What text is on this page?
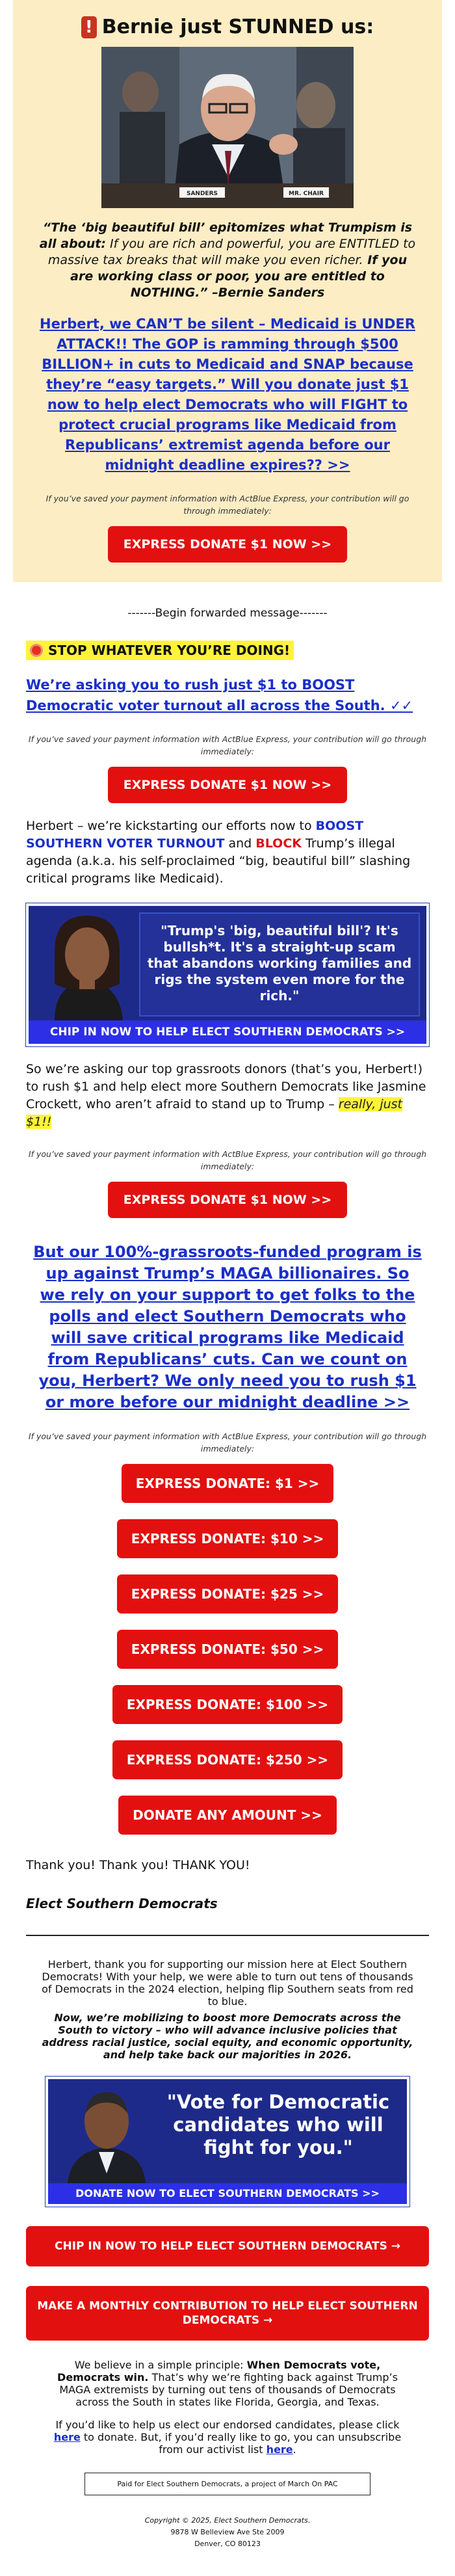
! Bernie just STUNNED us:
SANDERS	MR. CHAIR

“The ‘big beautiful bill’ epitomizes what Trumpism is all about: If you are rich and powerful, you are ENTITLED to massive tax breaks that will make you even richer. If you are working class or poor, you are entitled to NOTHING.” –Bernie Sanders

Herbert, we CAN’T be silent – Medicaid is UNDER ATTACK!! The GOP is ramming through $500 BILLION+ in cuts to Medicaid and SNAP because they’re “easy targets.” Will you donate just $1 now to help elect Democrats who will FIGHT to protect crucial programs like Medicaid from Republicans’ extremist agenda before our midnight deadline expires?? >>

If you’ve saved your payment information with ActBlue Express, your contribution will go through immediately:

EXPRESS DONATE $1 NOW >>

-------Begin forwarded message-------

STOP WHATEVER YOU’RE DOING!
We’re asking you to rush just $1 to BOOST Democratic voter turnout all across the South. ✓✓

If you’ve saved your payment information with ActBlue Express, your contribution will go through immediately:

EXPRESS DONATE $1 NOW >>

Herbert – we’re kickstarting our efforts now to BOOST SOUTHERN VOTER TURNOUT and BLOCK Trump’s illegal agenda (a.k.a. his self-proclaimed “big, beautiful bill” slashing critical programs like Medicaid).

"Trump's 'big, beautiful bill'? It's bullsh*t. It's a straight-up scam that abandons working families and rigs the system even more for the rich."
CHIP IN NOW TO HELP ELECT SOUTHERN DEMOCRATS >>

So we’re asking our top grassroots donors (that’s you, Herbert!) to rush $1 and help elect more Southern Democrats like Jasmine Crockett, who aren’t afraid to stand up to Trump – really, just $1!!

If you’ve saved your payment information with ActBlue Express, your contribution will go through immediately:

EXPRESS DONATE $1 NOW >>
But our 100%-grassroots-funded program is up against Trump’s MAGA billionaires. So we rely on your support to get folks to the polls and elect Southern Democrats who will save critical programs like Medicaid from Republicans’ cuts. Can we count on you, Herbert? We only need you to rush $1 or more before our midnight deadline >>

If you’ve saved your payment information with ActBlue Express, your contribution will go through immediately:

EXPRESS DONATE: $1 >>
EXPRESS DONATE: $10 >>
EXPRESS DONATE: $25 >>
EXPRESS DONATE: $50 >>
EXPRESS DONATE: $100 >>
EXPRESS DONATE: $250 >>
DONATE ANY AMOUNT >>

Thank you! Thank you! THANK YOU!

Elect Southern Democrats

Herbert, thank you for supporting our mission here at Elect Southern Democrats! With your help, we were able to turn out tens of thousands of Democrats in the 2024 election, helping flip Southern seats from red to blue.

Now, we’re mobilizing to boost more Democrats across the South to victory – who will advance inclusive policies that address racial justice, social equity, and economic opportunity, and help take back our majorities in 2026.

"Vote for Democratic candidates who will fight for you."
DONATE NOW TO ELECT SOUTHERN DEMOCRATS >>
CHIP IN NOW TO HELP ELECT SOUTHERN DEMOCRATS →
MAKE A MONTHLY CONTRIBUTION TO HELP ELECT SOUTHERN DEMOCRATS →

We believe in a simple principle: When Democrats vote, Democrats win. That’s why we’re fighting back against Trump’s MAGA extremists by turning out tens of thousands of Democrats across the South in states like Florida, Georgia, and Texas.

If you’d like to help us elect our endorsed candidates, please click here to donate. But, if you’d really like to go, you can unsubscribe from our activist list here.

Paid for Elect Southern Democrats, a project of March On PAC
Copyright © 2025, Elect Southern Democrats.
9878 W Belleview Ave Ste 2009
Denver, CO 80123
